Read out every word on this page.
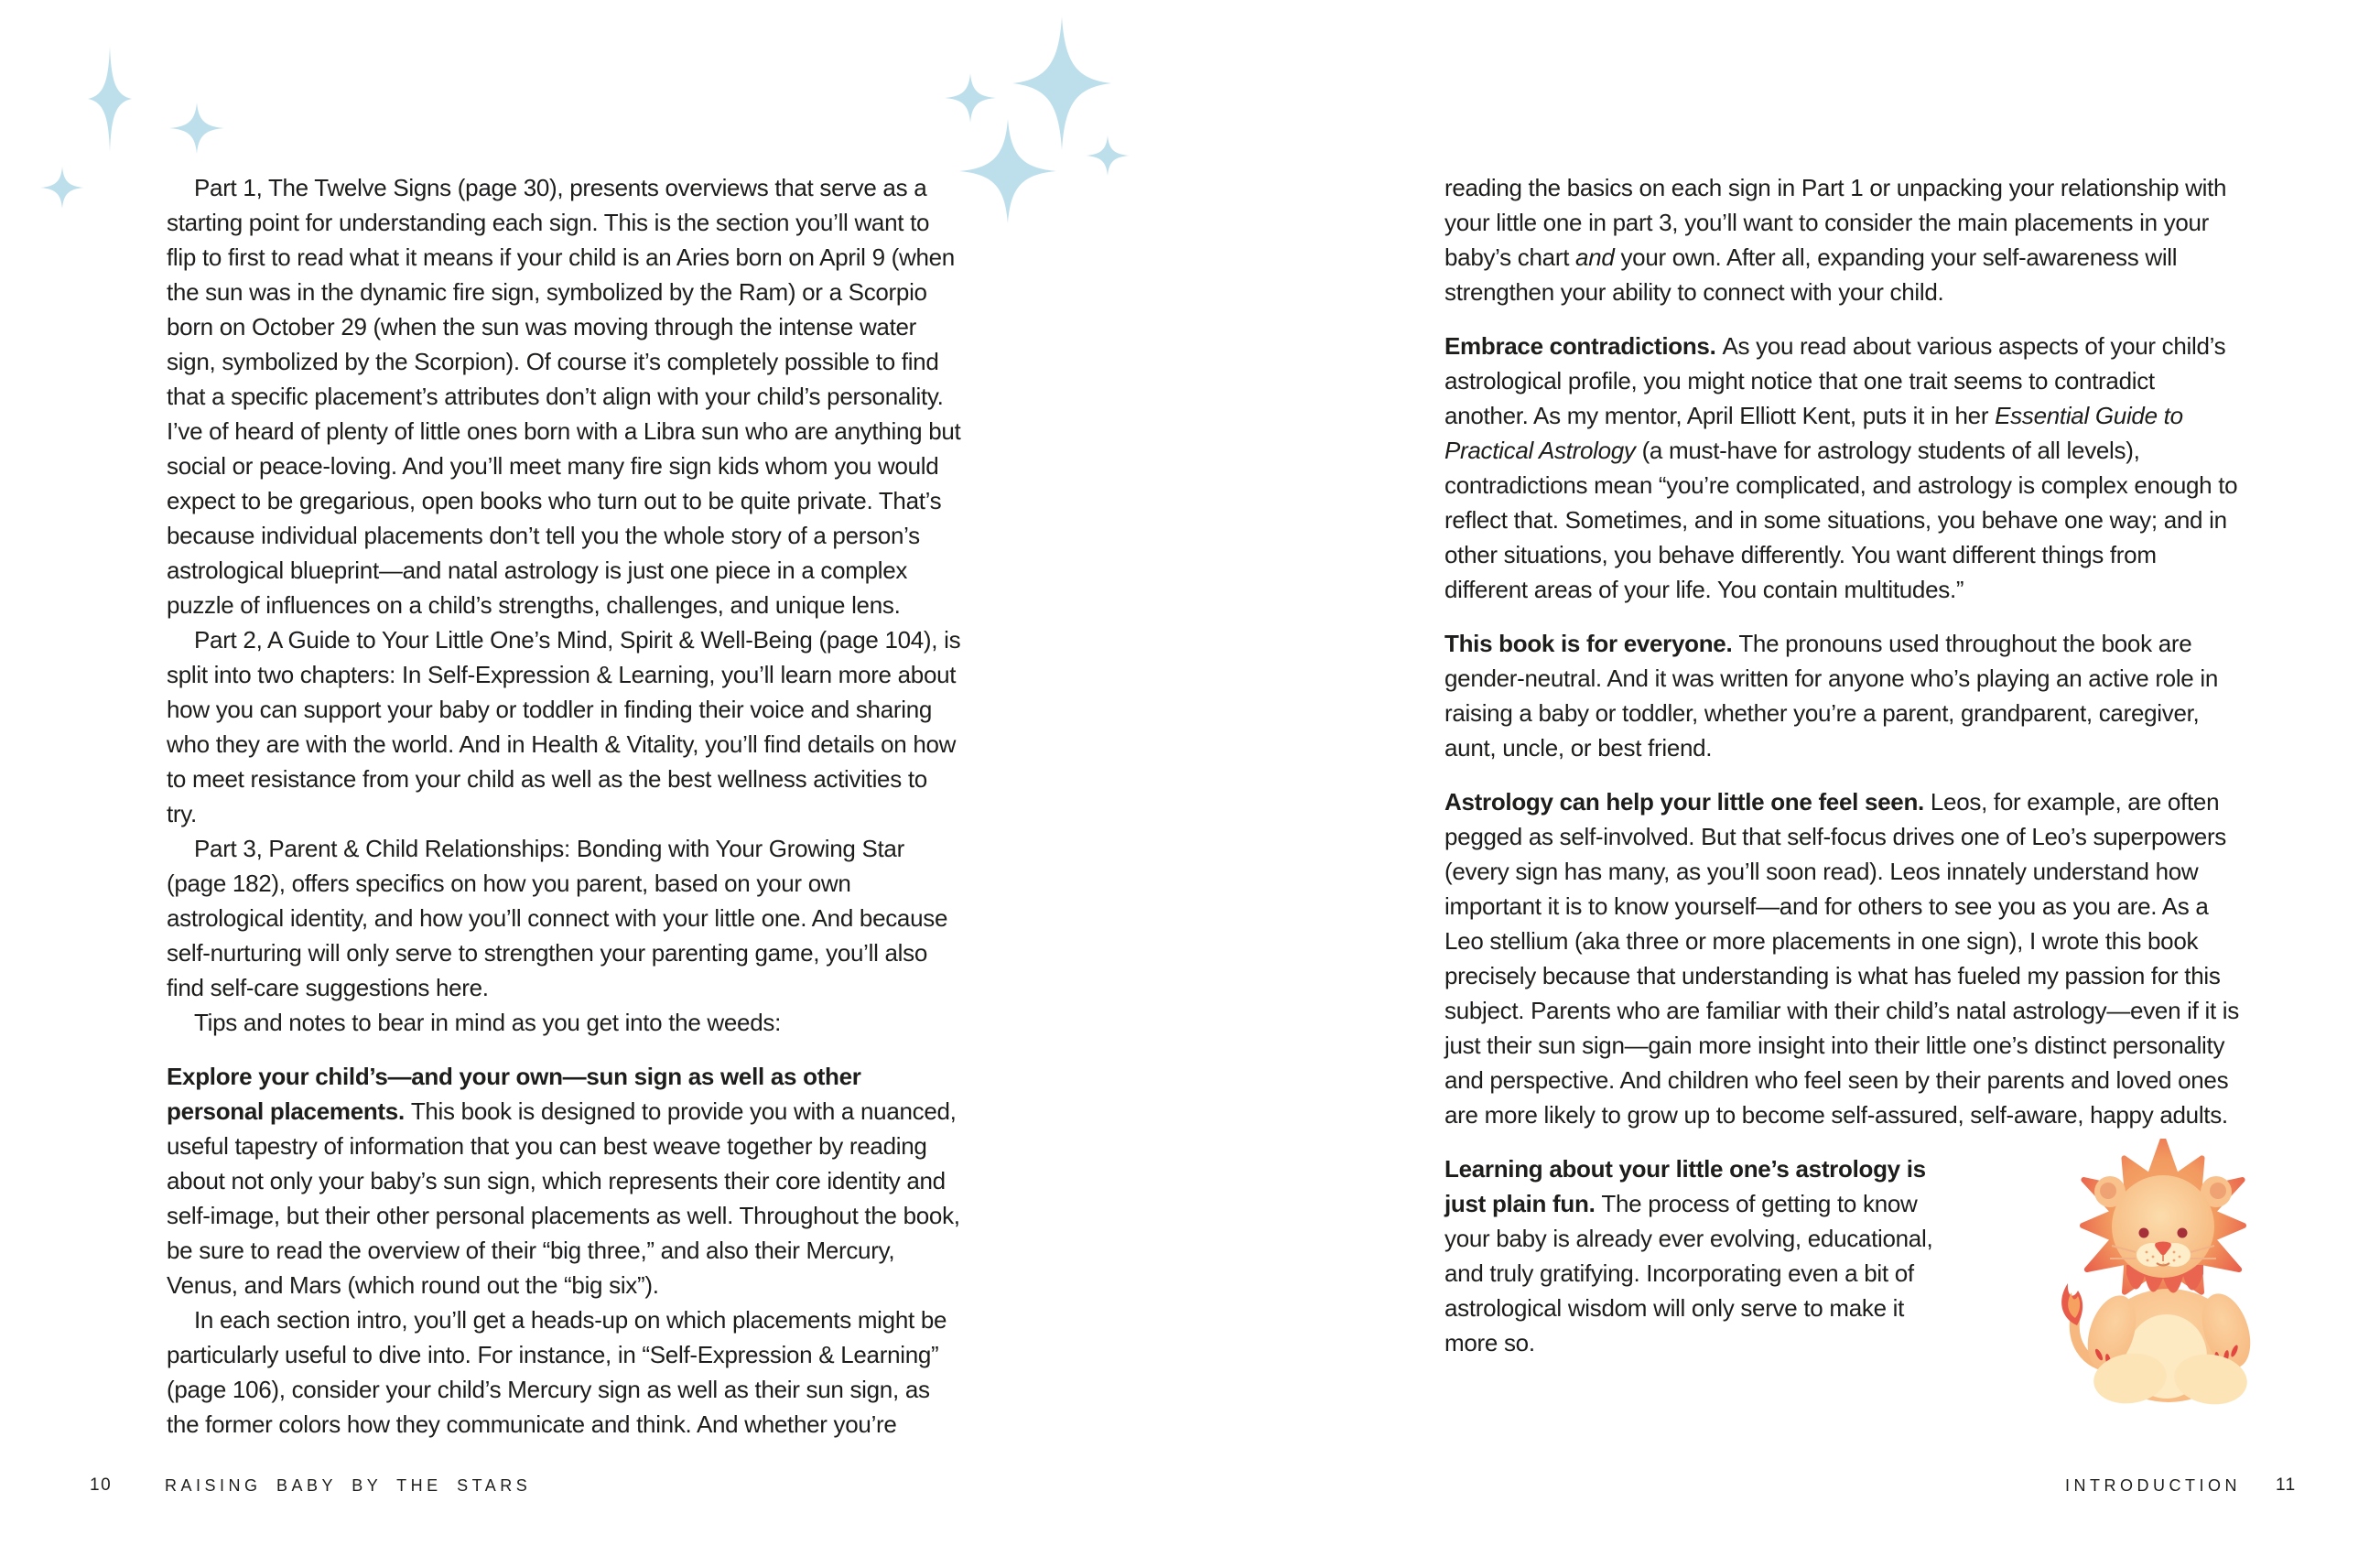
Part 1, The Twelve Signs (page 30), presents overviews that serve as a starting point for understanding each sign. This is the section you’ll want to flip to first to read what it means if your child is an Aries born on April 9 (when the sun was in the dynamic fire sign, symbolized by the Ram) or a Scorpio born on October 29 (when the sun was moving through the intense water sign, symbolized by the Scorpion). Of course it’s completely possible to find that a specific placement’s attributes don’t align with your child’s personality. I’ve of heard of plenty of little ones born with a Libra sun who are anything but social or peace-loving. And you’ll meet many fire sign kids whom you would expect to be gregarious, open books who turn out to be quite private. That’s because individual placements don’t tell you the whole story of a person’s astrological blueprint—and natal astrology is just one piece in a complex puzzle of influences on a child’s strengths, challenges, and unique lens.

Part 2, A Guide to Your Little One’s Mind, Spirit & Well-Being (page 104), is split into two chapters: In Self-Expression & Learning, you’ll learn more about how you can support your baby or toddler in finding their voice and sharing who they are with the world. And in Health & Vitality, you’ll find details on how to meet resistance from your child as well as the best wellness activities to try.

Part 3, Parent & Child Relationships: Bonding with Your Growing Star (page 182), offers specifics on how you parent, based on your own astrological identity, and how you’ll connect with your little one. And because self-nurturing will only serve to strengthen your parenting game, you’ll also find self-care suggestions here.

Tips and notes to bear in mind as you get into the weeds:

Explore your child’s—and your own—sun sign as well as other personal placements. This book is designed to provide you with a nuanced, useful tapestry of information that you can best weave together by reading about not only your baby’s sun sign, which represents their core identity and self-image, but their other personal placements as well. Throughout the book, be sure to read the overview of their “big three,” and also their Mercury, Venus, and Mars (which round out the “big six”).

In each section intro, you’ll get a heads-up on which placements might be particularly useful to dive into. For instance, in “Self-Expression & Learning” (page 106), consider your child’s Mercury sign as well as their sun sign, as the former colors how they communicate and think. And whether you’re

reading the basics on each sign in Part 1 or unpacking your relationship with your little one in part 3, you’ll want to consider the main placements in your baby’s chart and your own. After all, expanding your self-awareness will strengthen your ability to connect with your child.

Embrace contradictions. As you read about various aspects of your child’s astrological profile, you might notice that one trait seems to contradict another. As my mentor, April Elliott Kent, puts it in her Essential Guide to Practical Astrology (a must-have for astrology students of all levels), contradictions mean “you’re complicated, and astrology is complex enough to reflect that. Sometimes, and in some situations, you behave one way; and in other situations, you behave differently. You want different things from different areas of your life. You contain multitudes.”

This book is for everyone. The pronouns used throughout the book are gender-neutral. And it was written for anyone who’s playing an active role in raising a baby or toddler, whether you’re a parent, grandparent, caregiver, aunt, uncle, or best friend.

Astrology can help your little one feel seen. Leos, for example, are often pegged as self-involved. But that self-focus drives one of Leo’s superpowers (every sign has many, as you’ll soon read). Leos innately understand how important it is to know yourself—and for others to see you as you are. As a Leo stellium (aka three or more placements in one sign), I wrote this book precisely because that understanding is what has fueled my passion for this subject. Parents who are familiar with their child’s natal astrology—even if it is just their sun sign—gain more insight into their little one’s distinct personality and perspective. And children who feel seen by their parents and loved ones are more likely to grow up to become self-assured, self-aware, happy adults.

Learning about your little one’s astrology is just plain fun. The process of getting to know your baby is already ever evolving, educational, and truly gratifying. Incorporating even a bit of astrological wisdom will only serve to make it more so.

10	RAISING BABY BY THE STARS	INTRODUCTION 11
